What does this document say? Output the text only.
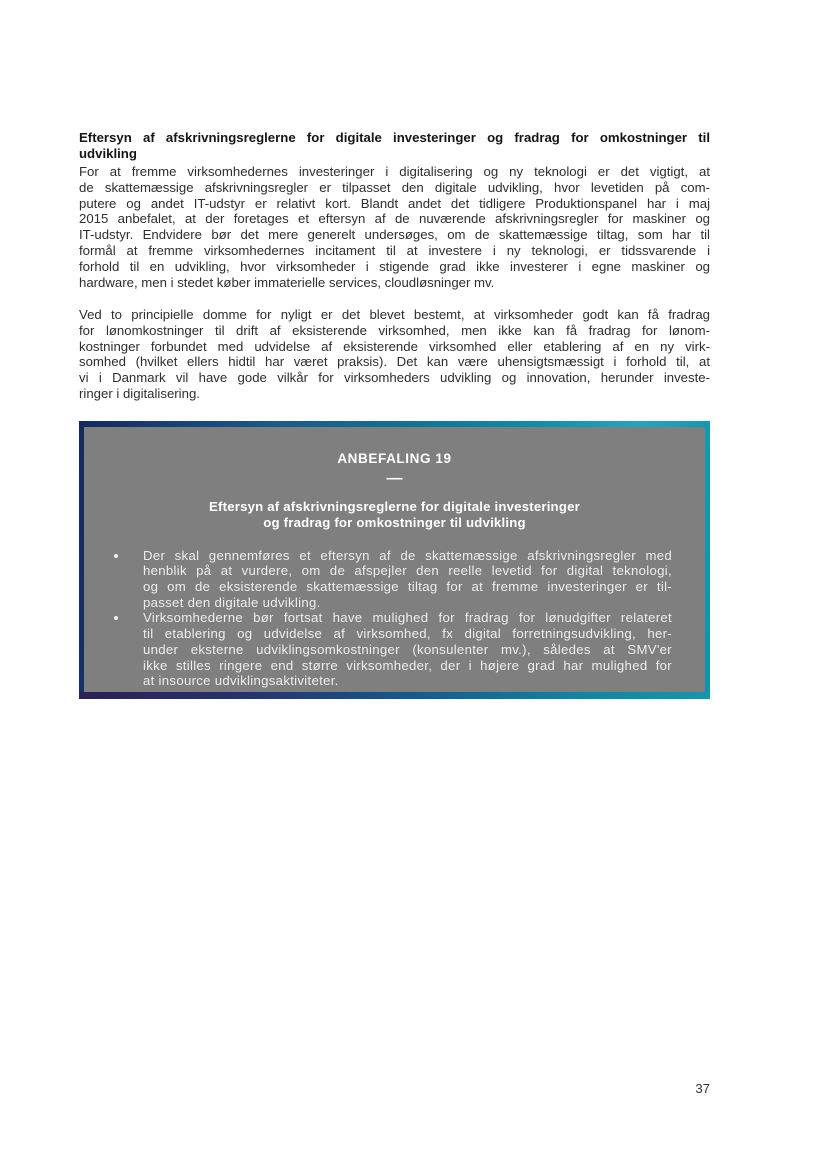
Eftersyn af afskrivningsreglerne for digitale investeringer og fradrag for omkostninger til
udvikling
For at fremme virksomhedernes investeringer i digitalisering og ny teknologi er det vigtigt, at
de skattemæssige afskrivningsregler er tilpasset den digitale udvikling, hvor levetiden på com-
putere og andet IT-udstyr er relativt kort. Blandt andet det tidligere Produktionspanel har i maj
2015 anbefalet, at der foretages et eftersyn af de nuværende afskrivningsregler for maskiner og
IT-udstyr. Endvidere bør det mere generelt undersøges, om de skattemæssige tiltag, som har til
formål at fremme virksomhedernes incitament til at investere i ny teknologi, er tidssvarende i
forhold til en udvikling, hvor virksomheder i stigende grad ikke investerer i egne maskiner og
hardware, men i stedet køber immaterielle services, cloudløsninger mv.
Ved to principielle domme for nyligt er det blevet bestemt, at virksomheder godt kan få fradrag
for lønomkostninger til drift af eksisterende virksomhed, men ikke kan få fradrag for lønom-
kostninger forbundet med udvidelse af eksisterende virksomhed eller etablering af en ny virk-
somhed (hvilket ellers hidtil har været praksis). Det kan være uhensigtsmæssigt i forhold til, at
vi i Danmark vil have gode vilkår for virksomheders udvikling og innovation, herunder investe-
ringer i digitalisering.
ANBEFALING 19
—
Eftersyn af afskrivningsreglerne for digitale investeringer
og fradrag for omkostninger til udvikling
Der skal gennemføres et eftersyn af de skattemæssige afskrivningsregler med
henblik på at vurdere, om de afspejler den reelle levetid for digital teknologi,
og om de eksisterende skattemæssige tiltag for at fremme investeringer er til-
passet den digitale udvikling.
Virksomhederne bør fortsat have mulighed for fradrag for lønudgifter relateret
til etablering og udvidelse af virksomhed, fx digital forretningsudvikling, her-
under eksterne udviklingsomkostninger (konsulenter mv.), således at SMV'er
ikke stilles ringere end større virksomheder, der i højere grad har mulighed for
at insource udviklingsaktiviteter.
37
